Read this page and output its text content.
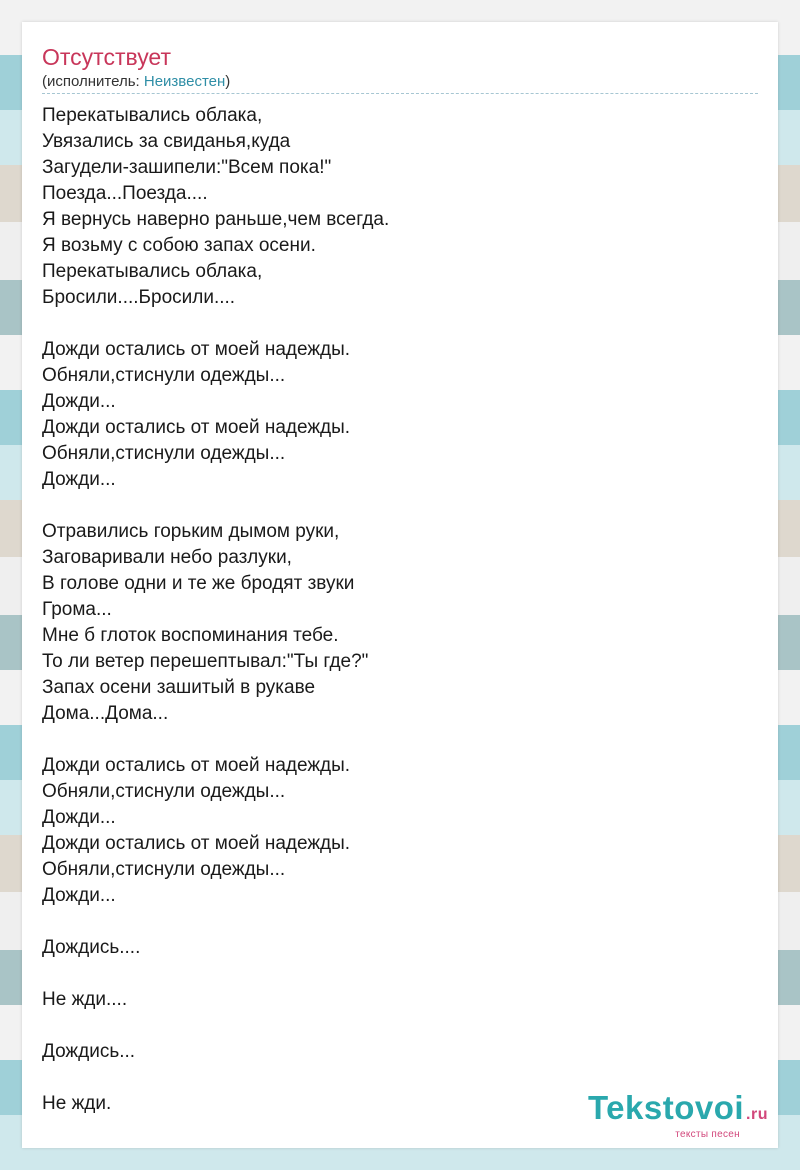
Отсутствует
(исполнитель: Неизвестен)
Перекатывались облака,
Увязались за свиданья,куда
Загудели-зашипели:"Всем пока!"
Поезда...Поезда....
Я вернусь наверно раньше,чем всегда.
Я возьму с собою запах осени.
Перекатывались облака,
Бросили....Бросили....
Дожди остались от моей надежды.
Обняли,стиснули одежды...
Дожди...
Дожди остались от моей надежды.
Обняли,стиснули одежды...
Дожди...
Отравились горьким дымом руки,
Заговаривали небо разлуки,
В голове одни и те же бродят звуки
Грома...
Мне б глоток воспоминания тебе.
То ли ветер перешептывал:"Ты где?"
Запах осени зашитый в рукаве
Дома...Дома...
Дожди остались от моей надежды.
Обняли,стиснули одежды...
Дожди...
Дожди остались от моей надежды.
Обняли,стиснули одежды...
Дожди...
Дождись....
Не жди....
Дождись...
Не жди.	Tekstovoi .ru
тексты песен
